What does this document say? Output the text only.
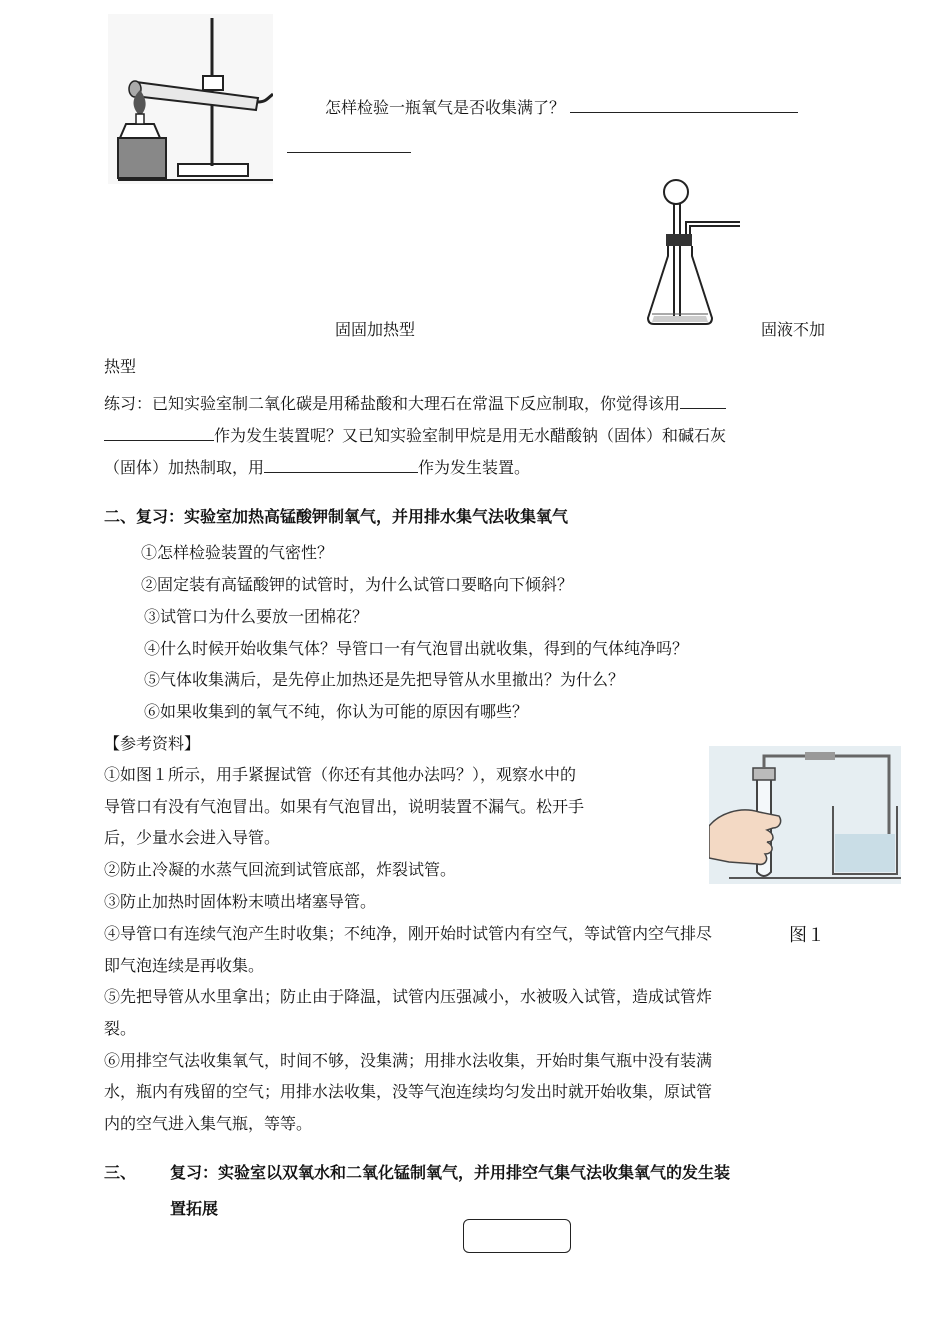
怎样检验一瓶氧气是否收集满了？
固固加热型	固液不加
热型
练习：已知实验室制二氧化碳是用稀盐酸和大理石在常温下反应制取，你觉得该用
作为发生装置呢？又已知实验室制甲烷是用无水醋酸钠（固体）和碱石灰
（固体）加热制取，用	作为发生装置。
二、复习：实验室加热高锰酸钾制氧气，并用排水集气法收集氧气
①怎样检验装置的气密性？
②固定装有高锰酸钾的试管时，为什么试管口要略向下倾斜？
③试管口为什么要放一团棉花？
④什么时候开始收集气体？导管口一有气泡冒出就收集，得到的气体纯净吗？
⑤气体收集满后，是先停止加热还是先把导管从水里撤出？为什么？
⑥如果收集到的氧气不纯，你认为可能的原因有哪些？
【参考资料】
①如图１所示，用手紧握试管（你还有其他办法吗？），观察水中的
导管口有没有气泡冒出。如果有气泡冒出，说明装置不漏气。松开手
后，少量水会进入导管。
②防止冷凝的水蒸气回流到试管底部，炸裂试管。
③防止加热时固体粉末喷出堵塞导管。
④导管口有连续气泡产生时收集；不纯净，刚开始时试管内有空气，等试管内空气排尽
即气泡连续是再收集。
⑤先把导管从水里拿出；防止由于降温，试管内压强减小，水被吸入试管，造成试管炸
裂。
⑥用排空气法收集氧气，时间不够，没集满；用排水法收集，开始时集气瓶中没有装满
水，瓶内有残留的空气；用排水法收集，没等气泡连续均匀发出时就开始收集，原试管
内的空气进入集气瓶，等等。
图１
三、 复习：实验室以双氧水和二氧化锰制氧气，并用排空气集气法收集氧气的发生装
置拓展
